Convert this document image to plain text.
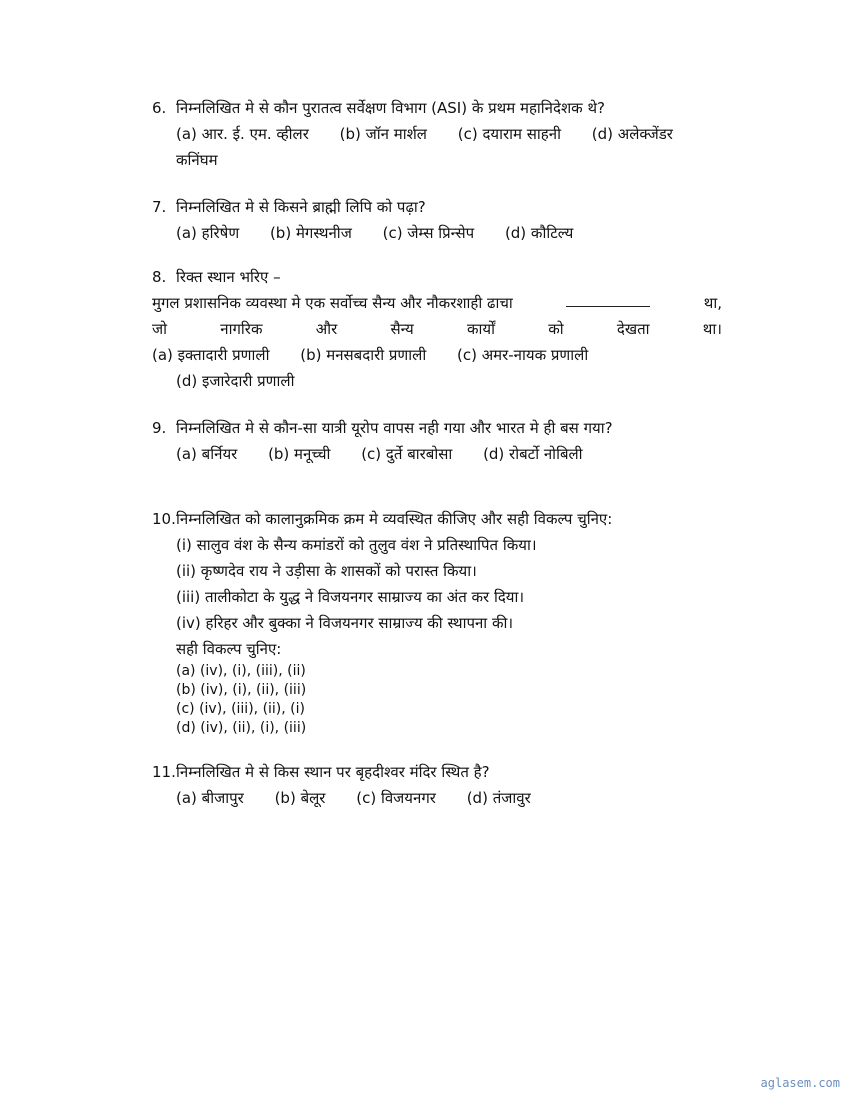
6. निम्नलिखित मे से कौन पुरातत्व सर्वेक्षण विभाग (ASI) के प्रथम महानिदेशक थे?
(a) आर. ई. एम. व्हीलर (b) जॉन मार्शल (c) दयाराम साहनी (d) अलेक्जेंडर
कनिंघम
7. निम्नलिखित मे से किसने ब्राह्मी लिपि को पढ़ा?
(a) हरिषेण (b) मेगस्थनीज (c) जेम्स प्रिन्सेप (d) कौटिल्य
8. रिक्त स्थान भरिए –
मुगल प्रशासनिक व्यवस्था मे एक सर्वोच्च सैन्य और नौकरशाही ढाचा	था,
जो	नागरिक	और	सैन्य	कार्यों	को	देखता	था।
(a) इक्तादारी प्रणाली (b) मनसबदारी प्रणाली (c) अमर-नायक प्रणाली
(d) इजारेदारी प्रणाली
9. निम्नलिखित मे से कौन-सा यात्री यूरोप वापस नही गया और भारत मे ही बस गया?
(a) बर्नियर (b) मनूच्ची (c) दुर्ते बारबोसा (d) रोबर्टो नोबिली
10.निम्नलिखित को कालानुक्रमिक क्रम मे व्यवस्थित कीजिए और सही विकल्प चुनिए:
(i) सालुव वंश के सैन्य कमांडरों को तुलुव वंश ने प्रतिस्थापित किया।
(ii) कृष्णदेव राय ने उड़ीसा के शासकों को परास्त किया।
(iii) तालीकोटा के युद्ध ने विजयनगर साम्राज्य का अंत कर दिया।
(iv) हरिहर और बुक्का ने विजयनगर साम्राज्य की स्थापना की।
सही विकल्प चुनिए:
(a) (iv), (i), (iii), (ii)
(b) (iv), (i), (ii), (iii)
(c) (iv), (iii), (ii), (i)
(d) (iv), (ii), (i), (iii)
11.निम्नलिखित मे से किस स्थान पर बृहदीश्वर मंदिर स्थित है?
(a) बीजापुर (b) बेलूर (c) विजयनगर (d) तंजावुर
aglasem.com
